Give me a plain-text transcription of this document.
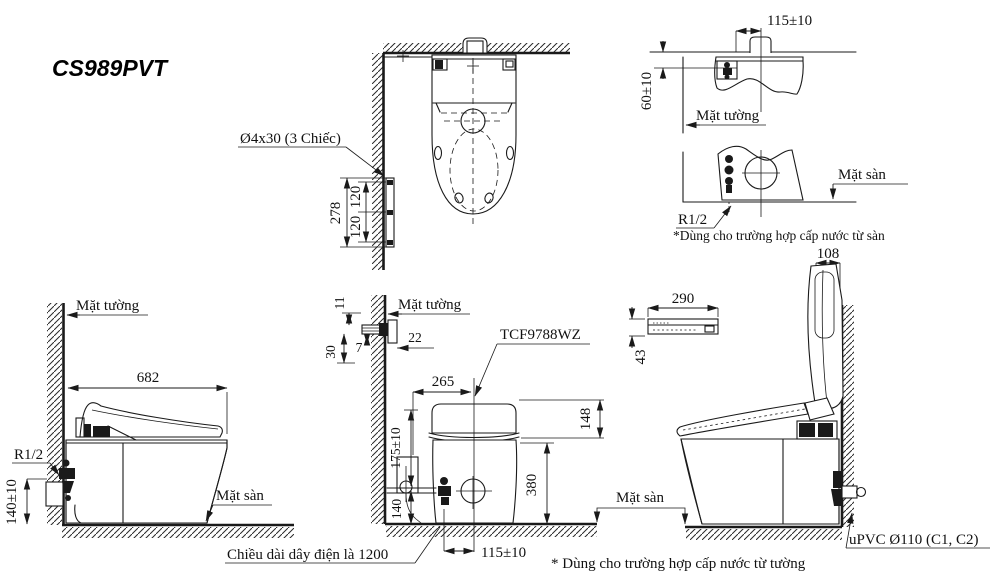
CS989PVT
278
120
120
Ø4x30 (3 Chiếc)
115±10
60±10
Mặt tường
Mặt sàn
R1/2
*Dùng cho trường hợp cấp nước từ sàn
Mặt tường
682
R1/2
140±10	Mặt sàn
Mặt tường
11
30 7
22	TCF9788WZ
265
148
380
175±10
140
115±10
Chiều dài dây điện là 1200
* Dùng cho trường hợp cấp nước từ tường
108
290
43
Mặt sàn
uPVC Ø110 (C1, C2)
